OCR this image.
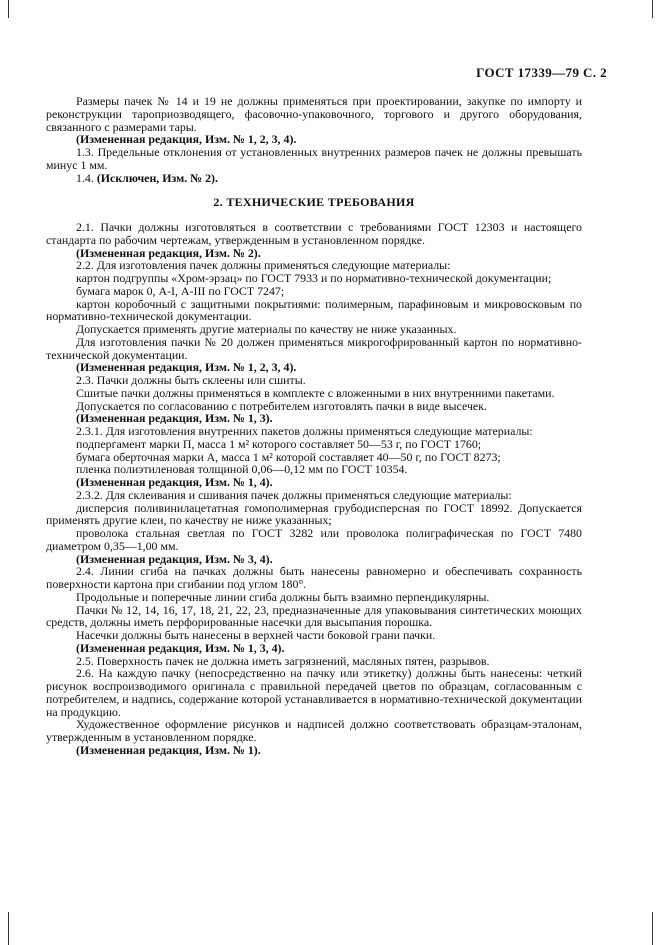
ГОСТ 17339—79 С. 2

Размеры пачек № 14 и 19 не должны применяться при проектировании, закупке по импорту и реконструкции тароприозводящего, фасовочно-упаковочного, торгового и другого оборудования, связанного с размерами тары.

(Измененная редакция, Изм. № 1, 2, 3, 4).

1.3. Предельные отклонения от установленных внутренних размеров пачек не должны превышать минус 1 мм.

1.4. (Исключен, Изм. № 2).

2. ТЕХНИЧЕСКИЕ ТРЕБОВАНИЯ

2.1. Пачки должны изготовляться в соответствии с требованиями ГОСТ 12303 и настоящего стандарта по рабочим чертежам, утвержденным в установленном порядке.

(Измененная редакция, Изм. № 2).

2.2. Для изготовления пачек должны применяться следующие материалы:

картон подгруппы «Хром-эрзац» по ГОСТ 7933 и по нормативно-технической документации;

бумага марок 0, А-I, А-III по ГОСТ 7247;

картон коробочный с защитными покрытиями: полимерным, парафиновым и микровосковым по нормативно-технической документации.

Допускается применять другие материалы по качеству не ниже указанных.

Для изготовления пачки № 20 должен применяться микрогофрированный картон по нормативно-технической документации.

(Измененная редакция, Изм. № 1, 2, 3, 4).

2.3. Пачки должны быть склеены или сшиты.

Сшитые пачки должны применяться в комплекте с вложенными в них внутренними пакетами.

Допускается по согласованию с потребителем изготовлять пачки в виде высечек.

(Измененная редакция, Изм. № 1, 3).

2.3.1. Для изготовления внутренних пакетов должны применяться следующие материалы:

подпергамент марки П, масса 1 м² которого составляет 50—53 г, по ГОСТ 1760;

бумага оберточная марки А, масса 1 м² которой составляет 40—50 г, по ГОСТ 8273;

пленка полиэтиленовая толщиной 0,06—0,12 мм по ГОСТ 10354.

(Измененная редакция, Изм. № 1, 4).

2.3.2. Для склеивания и сшивания пачек должны применяться следующие материалы:

дисперсия поливинилацетатная гомополимерная грубодисперсная по ГОСТ 18992. Допускается применять другие клеи, по качеству не ниже указанных;

проволока стальная светлая по ГОСТ 3282 или проволока полиграфическая по ГОСТ 7480 диаметром 0,35—1,00 мм.

(Измененная редакция, Изм. № 3, 4).

2.4. Линии сгиба на пачках должны быть нанесены равномерно и обеспечивать сохранность поверхности картона при сгибании под углом 180°.

Продольные и поперечные линии сгиба должны быть взаимно перпендикулярны.

Пачки № 12, 14, 16, 17, 18, 21, 22, 23, предназначенные для упаковывания синтетических моющих средств, должны иметь перфорированные насечки для высыпания порошка.

Насечки должны быть нанесены в верхней части боковой грани пачки.

(Измененная редакция, Изм. № 1, 3, 4).

2.5. Поверхность пачек не должна иметь загрязнений, масляных пятен, разрывов.

2.6. На каждую пачку (непосредственно на пачку или этикетку) должны быть нанесены: четкий рисунок воспроизводимого оригинала с правильной передачей цветов по образцам, согласованным с потребителем, и надпись, содержание которой устанавливается в нормативно-технической документации на продукцию.

Художественное оформление рисунков и надписей должно соответствовать образцам-эталонам, утвержденным в установленном порядке.

(Измененная редакция, Изм. № 1).
